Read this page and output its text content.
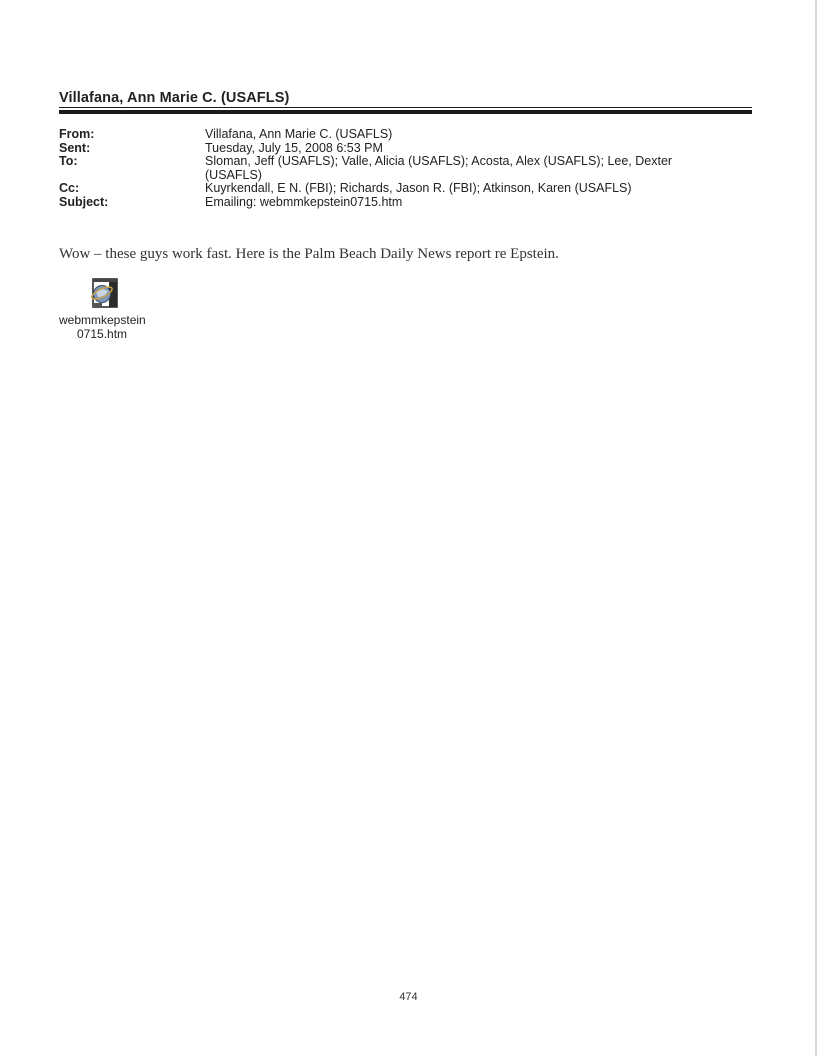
Villafana, Ann Marie C. (USAFLS)
From:	Villafana, Ann Marie C. (USAFLS)
Sent:	Tuesday, July 15, 2008 6:53 PM
To:	Sloman, Jeff (USAFLS); Valle, Alicia (USAFLS); Acosta, Alex (USAFLS); Lee, Dexter (USAFLS)
Cc:	Kuyrkendall, E N. (FBI); Richards, Jason R. (FBI); Atkinson, Karen (USAFLS)
Subject:	Emailing: webmmkepstein0715.htm
Wow – these guys work fast. Here is the Palm Beach Daily News report re Epstein.
webmmkepstein
0715.htm
474
